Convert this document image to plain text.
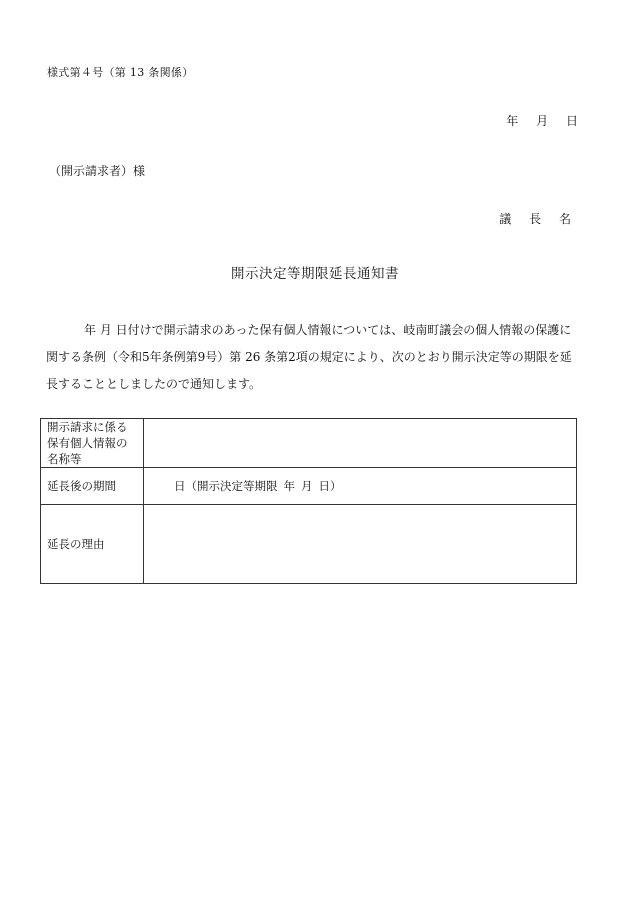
様式第４号（第 13 条関係）
年 月 日
（開示請求者）様
議 長 名
開示決定等期限延長通知書
年 月 日付けで開示請求のあった保有個人情報については、岐南町議会の個人情報の保護に関する条例（令和5年条例第9号）第 26 条第2項の規定により、次のとおり開示決定等の期限を延長することとしましたので通知します。
開示請求に係る
保有個人情報の
名称等	

延長後の期間	日（開示決定等期限 年 月 日）
延長の理由	
